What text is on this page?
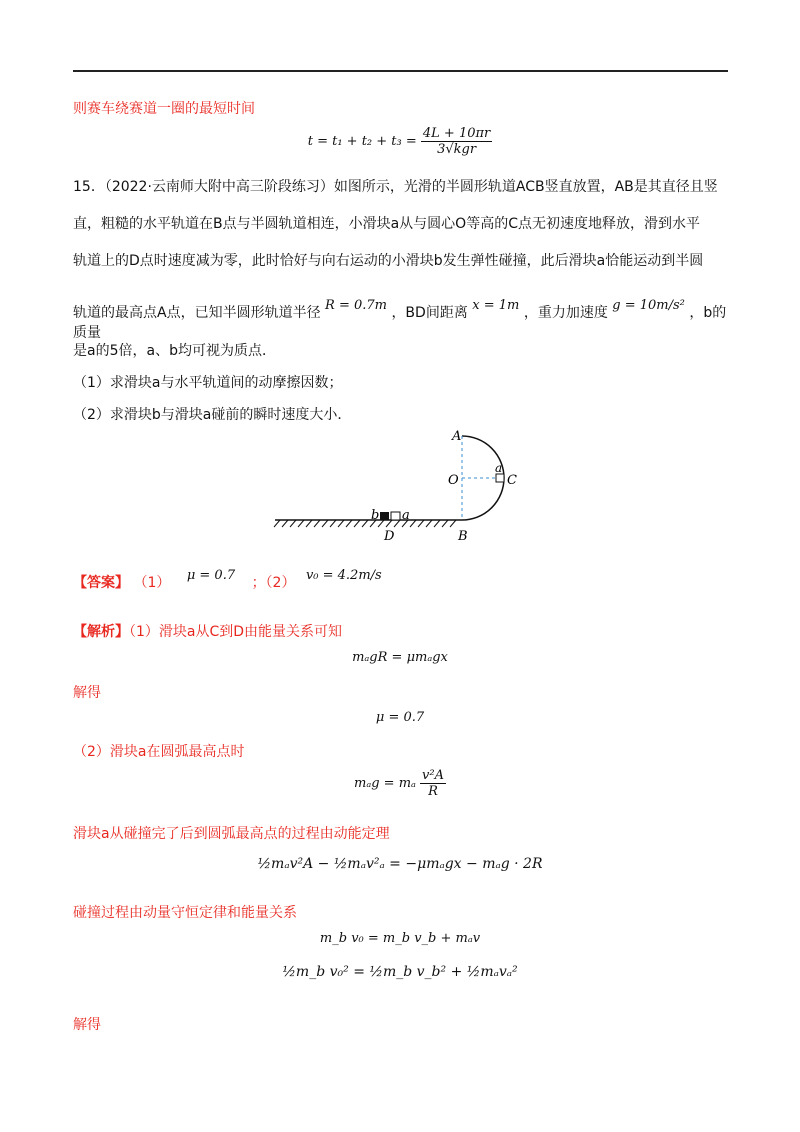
则赛车绕赛道一圈的最短时间
$t = t_1 + t_2 + t_3 = \frac{4L + 10\pi r}{\text{3√kgr}}$
15．（2022·云南师大附中高三阶段练习）如图所示，光滑的半圆形轨道ACB竖直放置，AB是其直径且竖
直，粗糙的水平轨道在B点与半圆轨道相连，小滑块a从与圆心O等高的C点无初速度地释放，滑到水平
轨道上的D点时速度减为零，此时恰好与向右运动的小滑块b发生弹性碰撞，此后滑块a恰能运动到半圆
轨道的最高点A点，已知半圆形轨道半径 R = 0.7m ，BD间距离 x = 1m ，重力加速度 g = 10m/s² ，b的质量
是a的5倍，a、b均可视为质点．
（1）求滑块a与水平轨道间的动摩擦因数；
（2）求滑块b与滑块a碰前的瞬时速度大小．
A
O	C
a
b a
D	B
【答案】 （1） μ = 0.7 ；（2） v₀ = 4.2m/s
【解析】（1）滑块a从C到D由能量关系可知
mₐgR = μmₐgx
解得
μ = 0.7
（2）滑块a在圆弧最高点时
mₐg = mₐ $\frac{\text{v²A}}{R}$
滑块a从碰撞完了后到圆弧最高点的过程由动能定理
½mₐv²A − ½mₐv²ₐ = −μmₐgx − mₐg · 2R
碰撞过程由动量守恒定律和能量关系
m_b v₀ = m_b v_b + mₐv
½m_b v₀² = ½m_b v_b² + ½mₐvₐ²
解得
